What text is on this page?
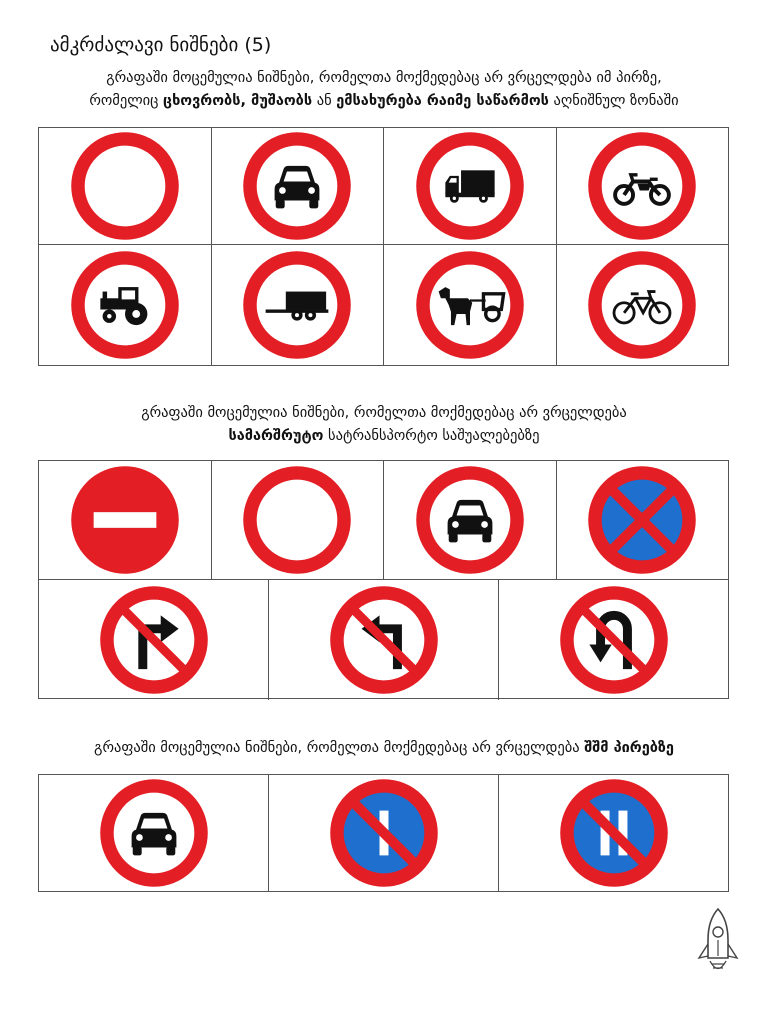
ამკრძალავი ნიშნები (5)
გრაფაში მოცემულია ნიშნები, რომელთა მოქმედებაც არ ვრცელდება იმ პირზე,
რომელიც ცხოვრობს, მუშაობს ან ემსახურება რაიმე საწარმოს აღნიშნულ ზონაში
გრაფაში მოცემულია ნიშნები, რომელთა მოქმედებაც არ ვრცელდება
სამარშრუტო სატრანსპორტო საშუალებებზე
გრაფაში მოცემულია ნიშნები, რომელთა მოქმედებაც არ ვრცელდება შშმ პირებზე
